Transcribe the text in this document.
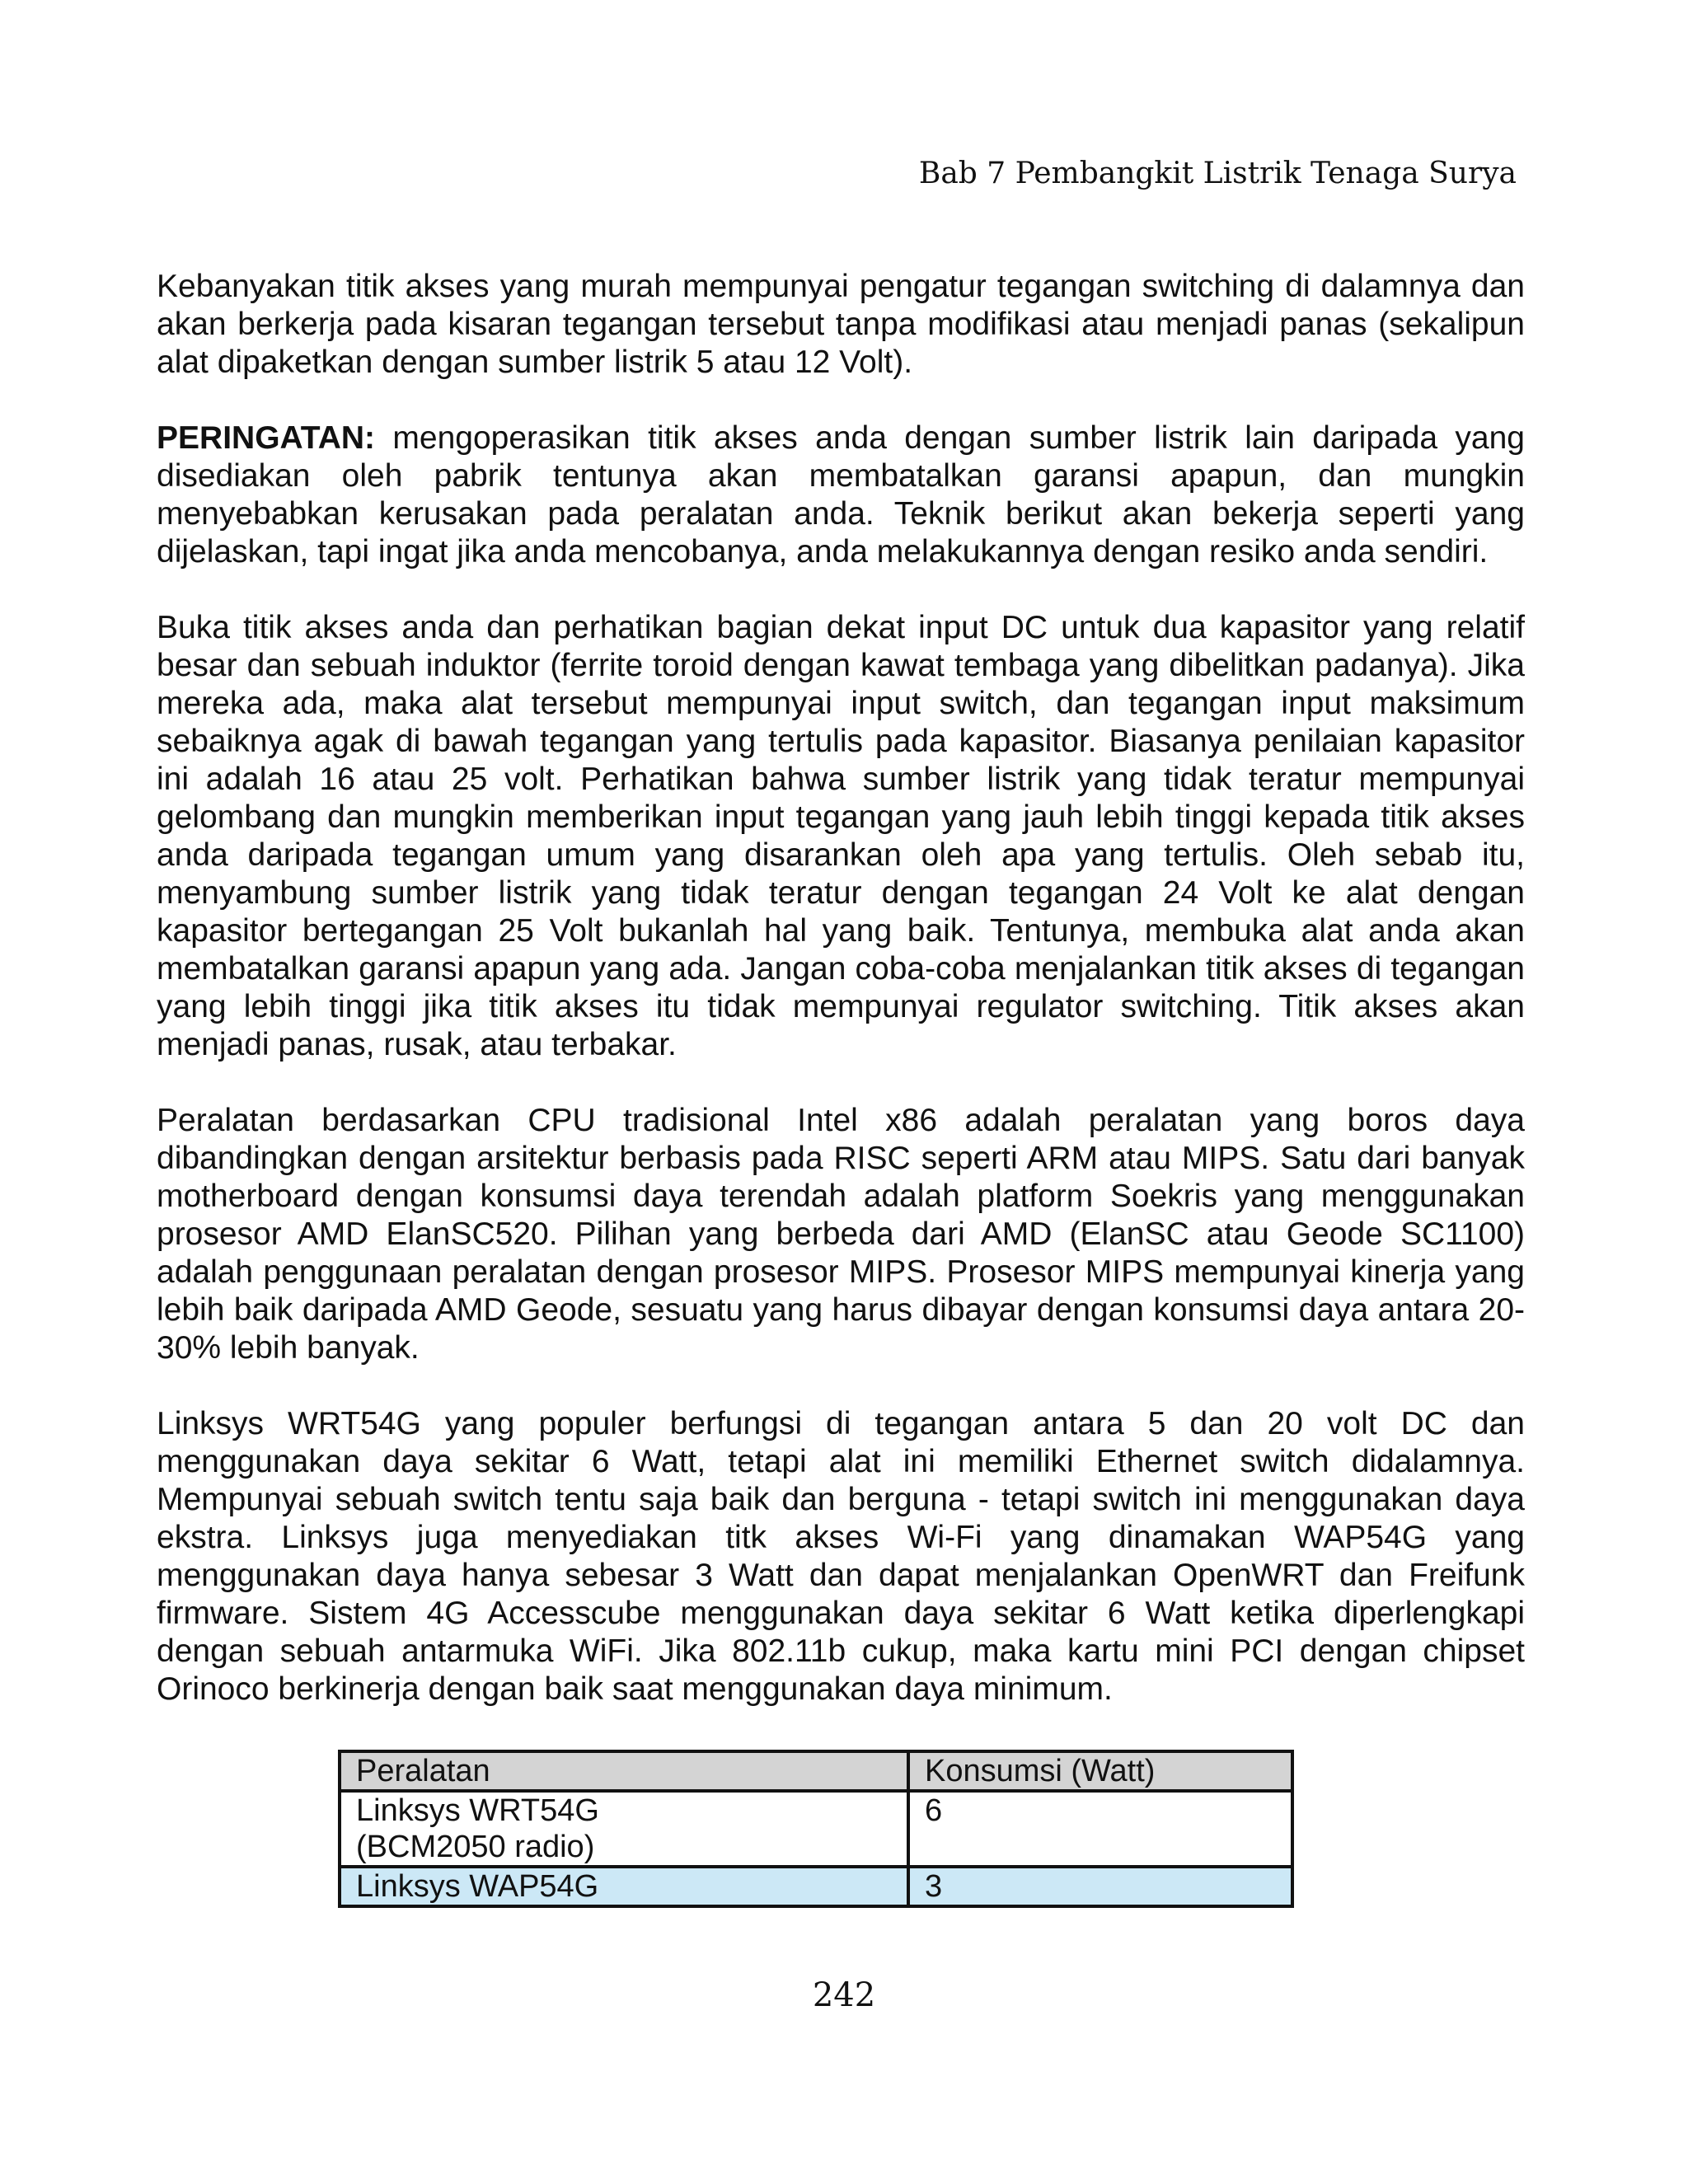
Bab 7 Pembangkit Listrik Tenaga Surya

Kebanyakan titik akses yang murah mempunyai pengatur tegangan switching di dalamnya dan akan berkerja pada kisaran tegangan tersebut tanpa modifikasi atau menjadi panas (sekalipun alat dipaketkan dengan sumber listrik 5 atau 12 Volt).

PERINGATAN: mengoperasikan titik akses anda dengan sumber listrik lain daripada yang disediakan oleh pabrik tentunya akan membatalkan garansi apapun, dan mungkin menyebabkan kerusakan pada peralatan anda. Teknik berikut akan bekerja seperti yang dijelaskan, tapi ingat jika anda mencobanya, anda melakukannya dengan resiko anda sendiri.

Buka titik akses anda dan perhatikan bagian dekat input DC untuk dua kapasitor yang relatif besar dan sebuah induktor (ferrite toroid dengan kawat tembaga yang dibelitkan padanya). Jika mereka ada, maka alat tersebut mempunyai input switch, dan tegangan input maksimum sebaiknya agak di bawah tegangan yang tertulis pada kapasitor. Biasanya penilaian kapasitor ini adalah 16 atau 25 volt. Perhatikan bahwa sumber listrik yang tidak teratur mempunyai gelombang dan mungkin memberikan input tegangan yang jauh lebih tinggi kepada titik akses anda daripada tegangan umum yang disarankan oleh apa yang tertulis. Oleh sebab itu, menyambung sumber listrik yang tidak teratur dengan tegangan 24 Volt ke alat dengan kapasitor bertegangan 25 Volt bukanlah hal yang baik. Tentunya, membuka alat anda akan membatalkan garansi apapun yang ada. Jangan coba-coba menjalankan titik akses di tegangan yang lebih tinggi jika titik akses itu tidak mempunyai regulator switching. Titik akses akan menjadi panas, rusak, atau terbakar.

Peralatan berdasarkan CPU tradisional Intel x86 adalah peralatan yang boros daya dibandingkan dengan arsitektur berbasis pada RISC seperti ARM atau MIPS. Satu dari banyak motherboard dengan konsumsi daya terendah adalah platform Soekris yang menggunakan prosesor AMD ElanSC520. Pilihan yang berbeda dari AMD (ElanSC atau Geode SC1100) adalah penggunaan peralatan dengan prosesor MIPS. Prosesor MIPS mempunyai kinerja yang lebih baik daripada AMD Geode, sesuatu yang harus dibayar dengan konsumsi daya antara 20-30% lebih banyak.

Linksys WRT54G yang populer berfungsi di tegangan antara 5 dan 20 volt DC dan menggunakan daya sekitar 6 Watt, tetapi alat ini memiliki Ethernet switch didalamnya. Mempunyai sebuah switch tentu saja baik dan berguna - tetapi switch ini menggunakan daya ekstra. Linksys juga menyediakan titk akses Wi-Fi yang dinamakan WAP54G yang menggunakan daya hanya sebesar 3 Watt dan dapat menjalankan OpenWRT dan Freifunk firmware. Sistem 4G Accesscube menggunakan daya sekitar 6 Watt ketika diperlengkapi dengan sebuah antarmuka WiFi. Jika 802.11b cukup, maka kartu mini PCI dengan chipset Orinoco berkinerja dengan baik saat menggunakan daya minimum.

Peralatan	Konsumsi (Watt)

Linksys WRT54G
(BCM2050 radio)	6
Linksys WAP54G	3

242
